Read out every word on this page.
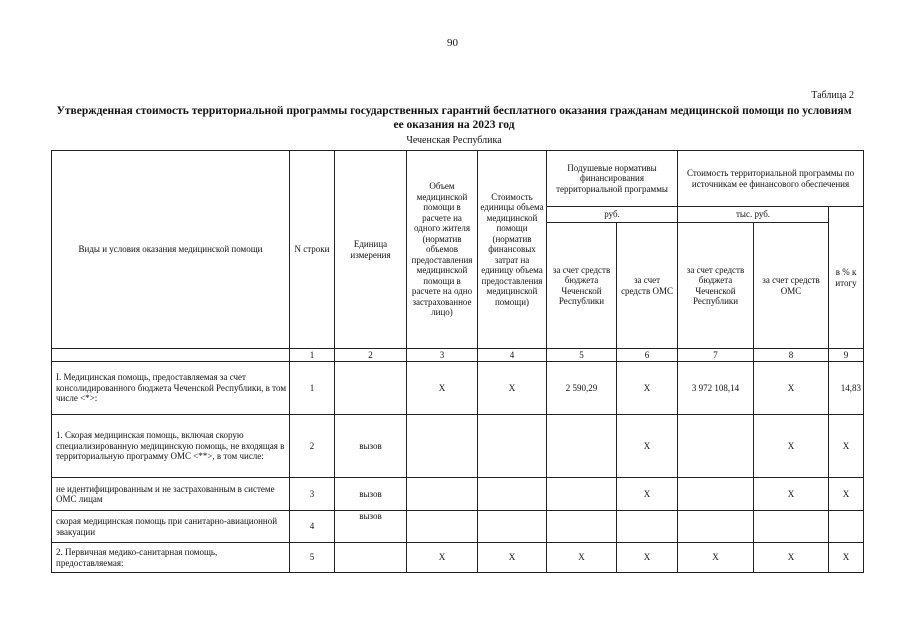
90
Таблица 2
Утвержденная стоимость территориальной программы государственных гарантий бесплатного оказания гражданам медицинской помощи по условиям ее оказания на 2023 год
Чеченская Республика
Виды и условия оказания медицинской помощи	N строки	Единица измерения	Объем медицинской помощи в расчете на одного жителя (норматив объемов предоставления медицинской помощи в расчете на одно застрахованное лицо)	Стоимость единицы объема медицинской помощи (норматив финансовых затрат на единицу объема предоставления медицинской помощи)	Подушевые нормативы финансирования территориальной программы		Стоимость территориальной программы по источникам ее финансового обеспечения		
					руб.		тыс. руб.		в % к итогу
					за счет средств бюджета Чеченской Республики	за счет средств ОМС	за счет средств бюджета Чеченской Республики	за счет средств ОМС	
	1	2	3	4	5	6	7	8	9
I. Медицинская помощь, предоставляемая за счет консолидированного бюджета Чеченской Республики, в том числе <*>:	1		Х	Х	2 590,29	Х	3 972 108,14	Х	14,83
1. Скорая медицинская помощь, включая скорую специализированную медицинскую помощь, не входящая в территориальную программу ОМС <**>, в том числе:	2	вызов				Х		Х	Х
не идентифицированным и не застрахованным в системе ОМС лицам	3	вызов				Х		Х	Х
скорая медицинская помощь при санитарно-авиационной эвакуации	4	вызов							
2. Первичная медико-санитарная помощь, предоставляемая:	5		Х	Х	Х	Х	Х	Х	Х
